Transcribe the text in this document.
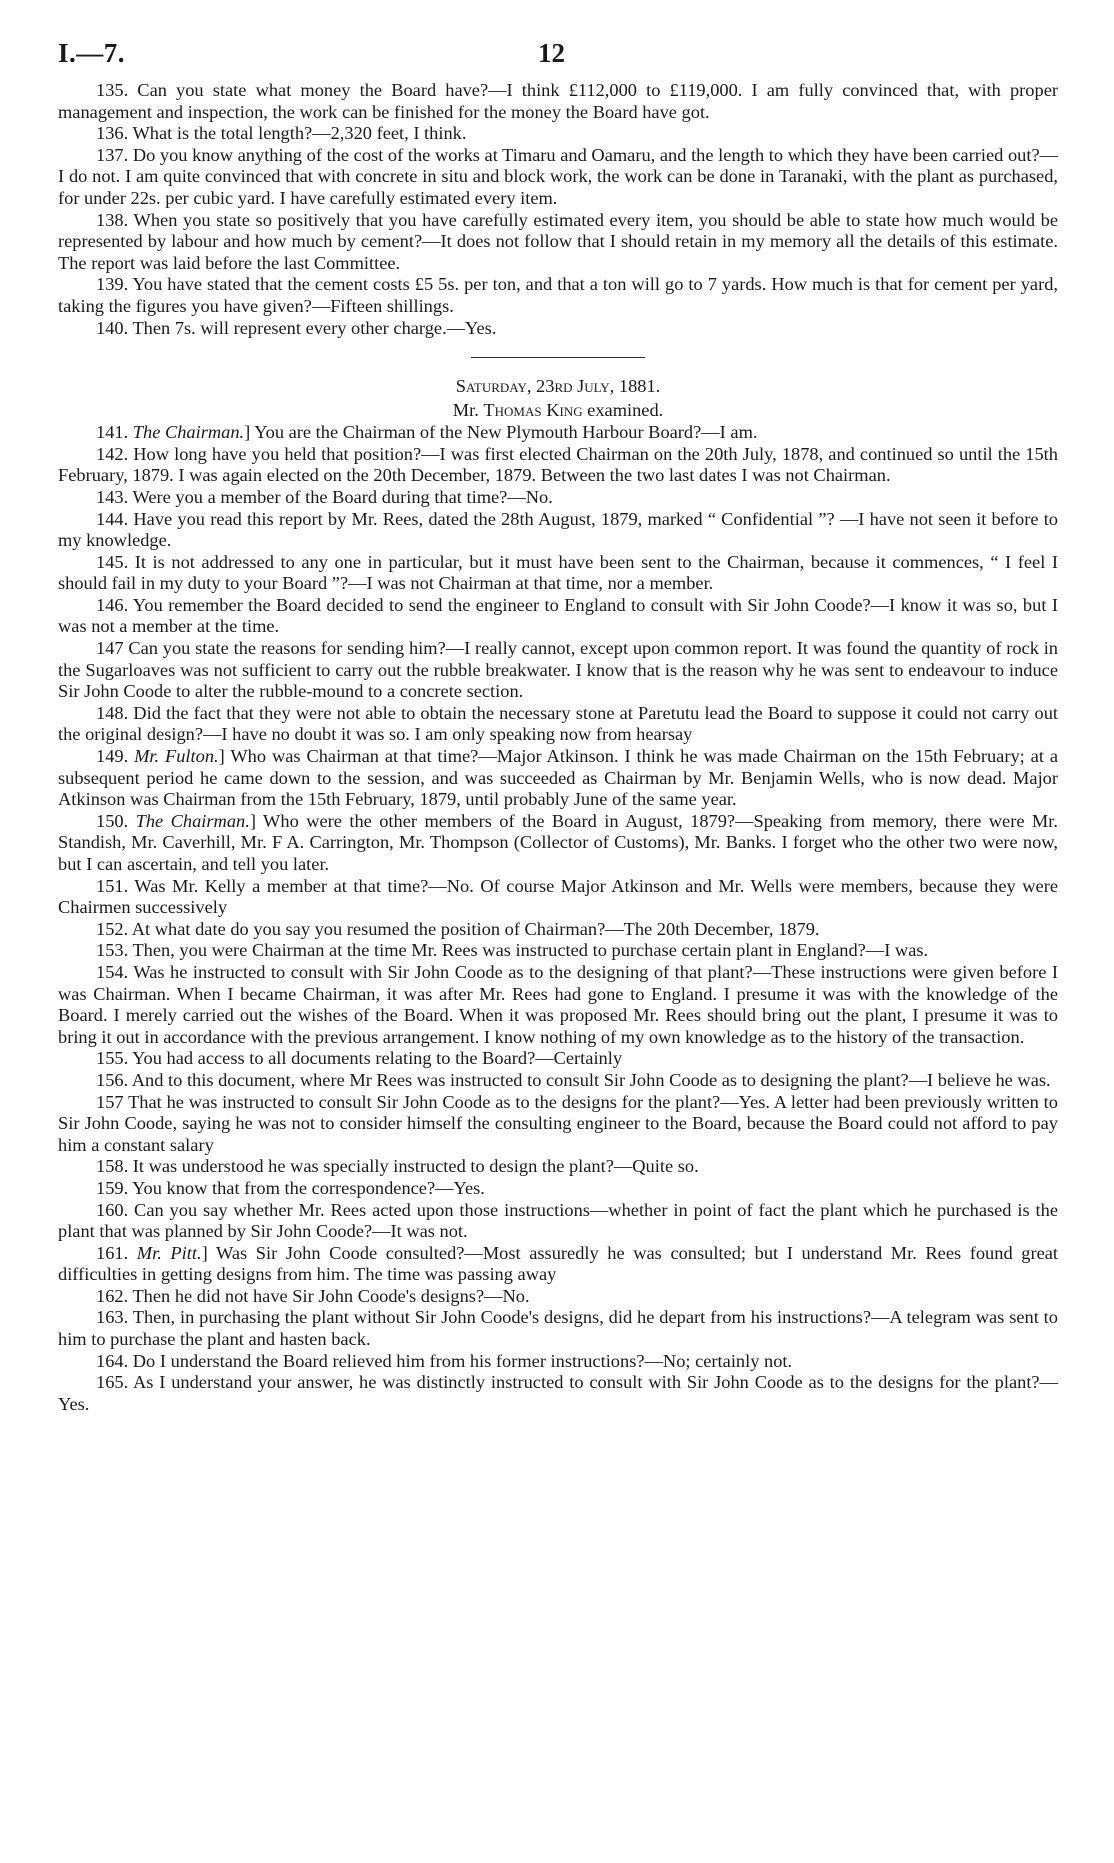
I.—7.	12

135. Can you state what money the Board have?—I think £112,000 to £119,000. I am fully convinced that, with proper management and inspection, the work can be finished for the money the Board have got.

136. What is the total length?—2,320 feet, I think.

137. Do you know anything of the cost of the works at Timaru and Oamaru, and the length to which they have been carried out?—I do not. I am quite convinced that with concrete in situ and block work, the work can be done in Taranaki, with the plant as purchased, for under 22s. per cubic yard. I have carefully estimated every item.

138. When you state so positively that you have carefully estimated every item, you should be able to state how much would be represented by labour and how much by cement?—It does not follow that I should retain in my memory all the details of this estimate. The report was laid before the last Committee.

139. You have stated that the cement costs £5 5s. per ton, and that a ton will go to 7 yards. How much is that for cement per yard, taking the figures you have given?—Fifteen shillings.

140. Then 7s. will represent every other charge.—Yes.

Saturday, 23rd July, 1881.

Mr. Thomas King examined.

141. The Chairman.] You are the Chairman of the New Plymouth Harbour Board?—I am.

142. How long have you held that position?—I was first elected Chairman on the 20th July, 1878, and continued so until the 15th February, 1879. I was again elected on the 20th December, 1879. Between the two last dates I was not Chairman.

143. Were you a member of the Board during that time?—No.

144. Have you read this report by Mr. Rees, dated the 28th August, 1879, marked “ Confidential ”? —I have not seen it before to my knowledge.

145. It is not addressed to any one in particular, but it must have been sent to the Chairman, because it commences, “ I feel I should fail in my duty to your Board ”?—I was not Chairman at that time, nor a member.

146. You remember the Board decided to send the engineer to England to consult with Sir John Coode?—I know it was so, but I was not a member at the time.

147 Can you state the reasons for sending him?—I really cannot, except upon common report. It was found the quantity of rock in the Sugarloaves was not sufficient to carry out the rubble breakwater. I know that is the reason why he was sent to endeavour to induce Sir John Coode to alter the rubble-mound to a concrete section.

148. Did the fact that they were not able to obtain the necessary stone at Paretutu lead the Board to suppose it could not carry out the original design?—I have no doubt it was so. I am only speaking now from hearsay

149. Mr. Fulton.] Who was Chairman at that time?—Major Atkinson. I think he was made Chairman on the 15th February; at a subsequent period he came down to the session, and was succeeded as Chairman by Mr. Benjamin Wells, who is now dead. Major Atkinson was Chairman from the 15th February, 1879, until probably June of the same year.

150. The Chairman.] Who were the other members of the Board in August, 1879?—Speaking from memory, there were Mr. Standish, Mr. Caverhill, Mr. F A. Carrington, Mr. Thompson (Collector of Customs), Mr. Banks. I forget who the other two were now, but I can ascertain, and tell you later.

151. Was Mr. Kelly a member at that time?—No. Of course Major Atkinson and Mr. Wells were members, because they were Chairmen successively

152. At what date do you say you resumed the position of Chairman?—The 20th December, 1879.

153. Then, you were Chairman at the time Mr. Rees was instructed to purchase certain plant in England?—I was.

154. Was he instructed to consult with Sir John Coode as to the designing of that plant?—These instructions were given before I was Chairman. When I became Chairman, it was after Mr. Rees had gone to England. I presume it was with the knowledge of the Board. I merely carried out the wishes of the Board. When it was proposed Mr. Rees should bring out the plant, I presume it was to bring it out in accordance with the previous arrangement. I know nothing of my own knowledge as to the history of the transaction.

155. You had access to all documents relating to the Board?—Certainly

156. And to this document, where Mr Rees was instructed to consult Sir John Coode as to designing the plant?—I believe he was.

157 That he was instructed to consult Sir John Coode as to the designs for the plant?—Yes. A letter had been previously written to Sir John Coode, saying he was not to consider himself the consulting engineer to the Board, because the Board could not afford to pay him a constant salary

158. It was understood he was specially instructed to design the plant?—Quite so.

159. You know that from the correspondence?—Yes.

160. Can you say whether Mr. Rees acted upon those instructions—whether in point of fact the plant which he purchased is the plant that was planned by Sir John Coode?—It was not.

161. Mr. Pitt.] Was Sir John Coode consulted?—Most assuredly he was consulted; but I understand Mr. Rees found great difficulties in getting designs from him. The time was passing away

162. Then he did not have Sir John Coode's designs?—No.

163. Then, in purchasing the plant without Sir John Coode's designs, did he depart from his instructions?—A telegram was sent to him to purchase the plant and hasten back.

164. Do I understand the Board relieved him from his former instructions?—No; certainly not.

165. As I understand your answer, he was distinctly instructed to consult with Sir John Coode as to the designs for the plant?—Yes.
